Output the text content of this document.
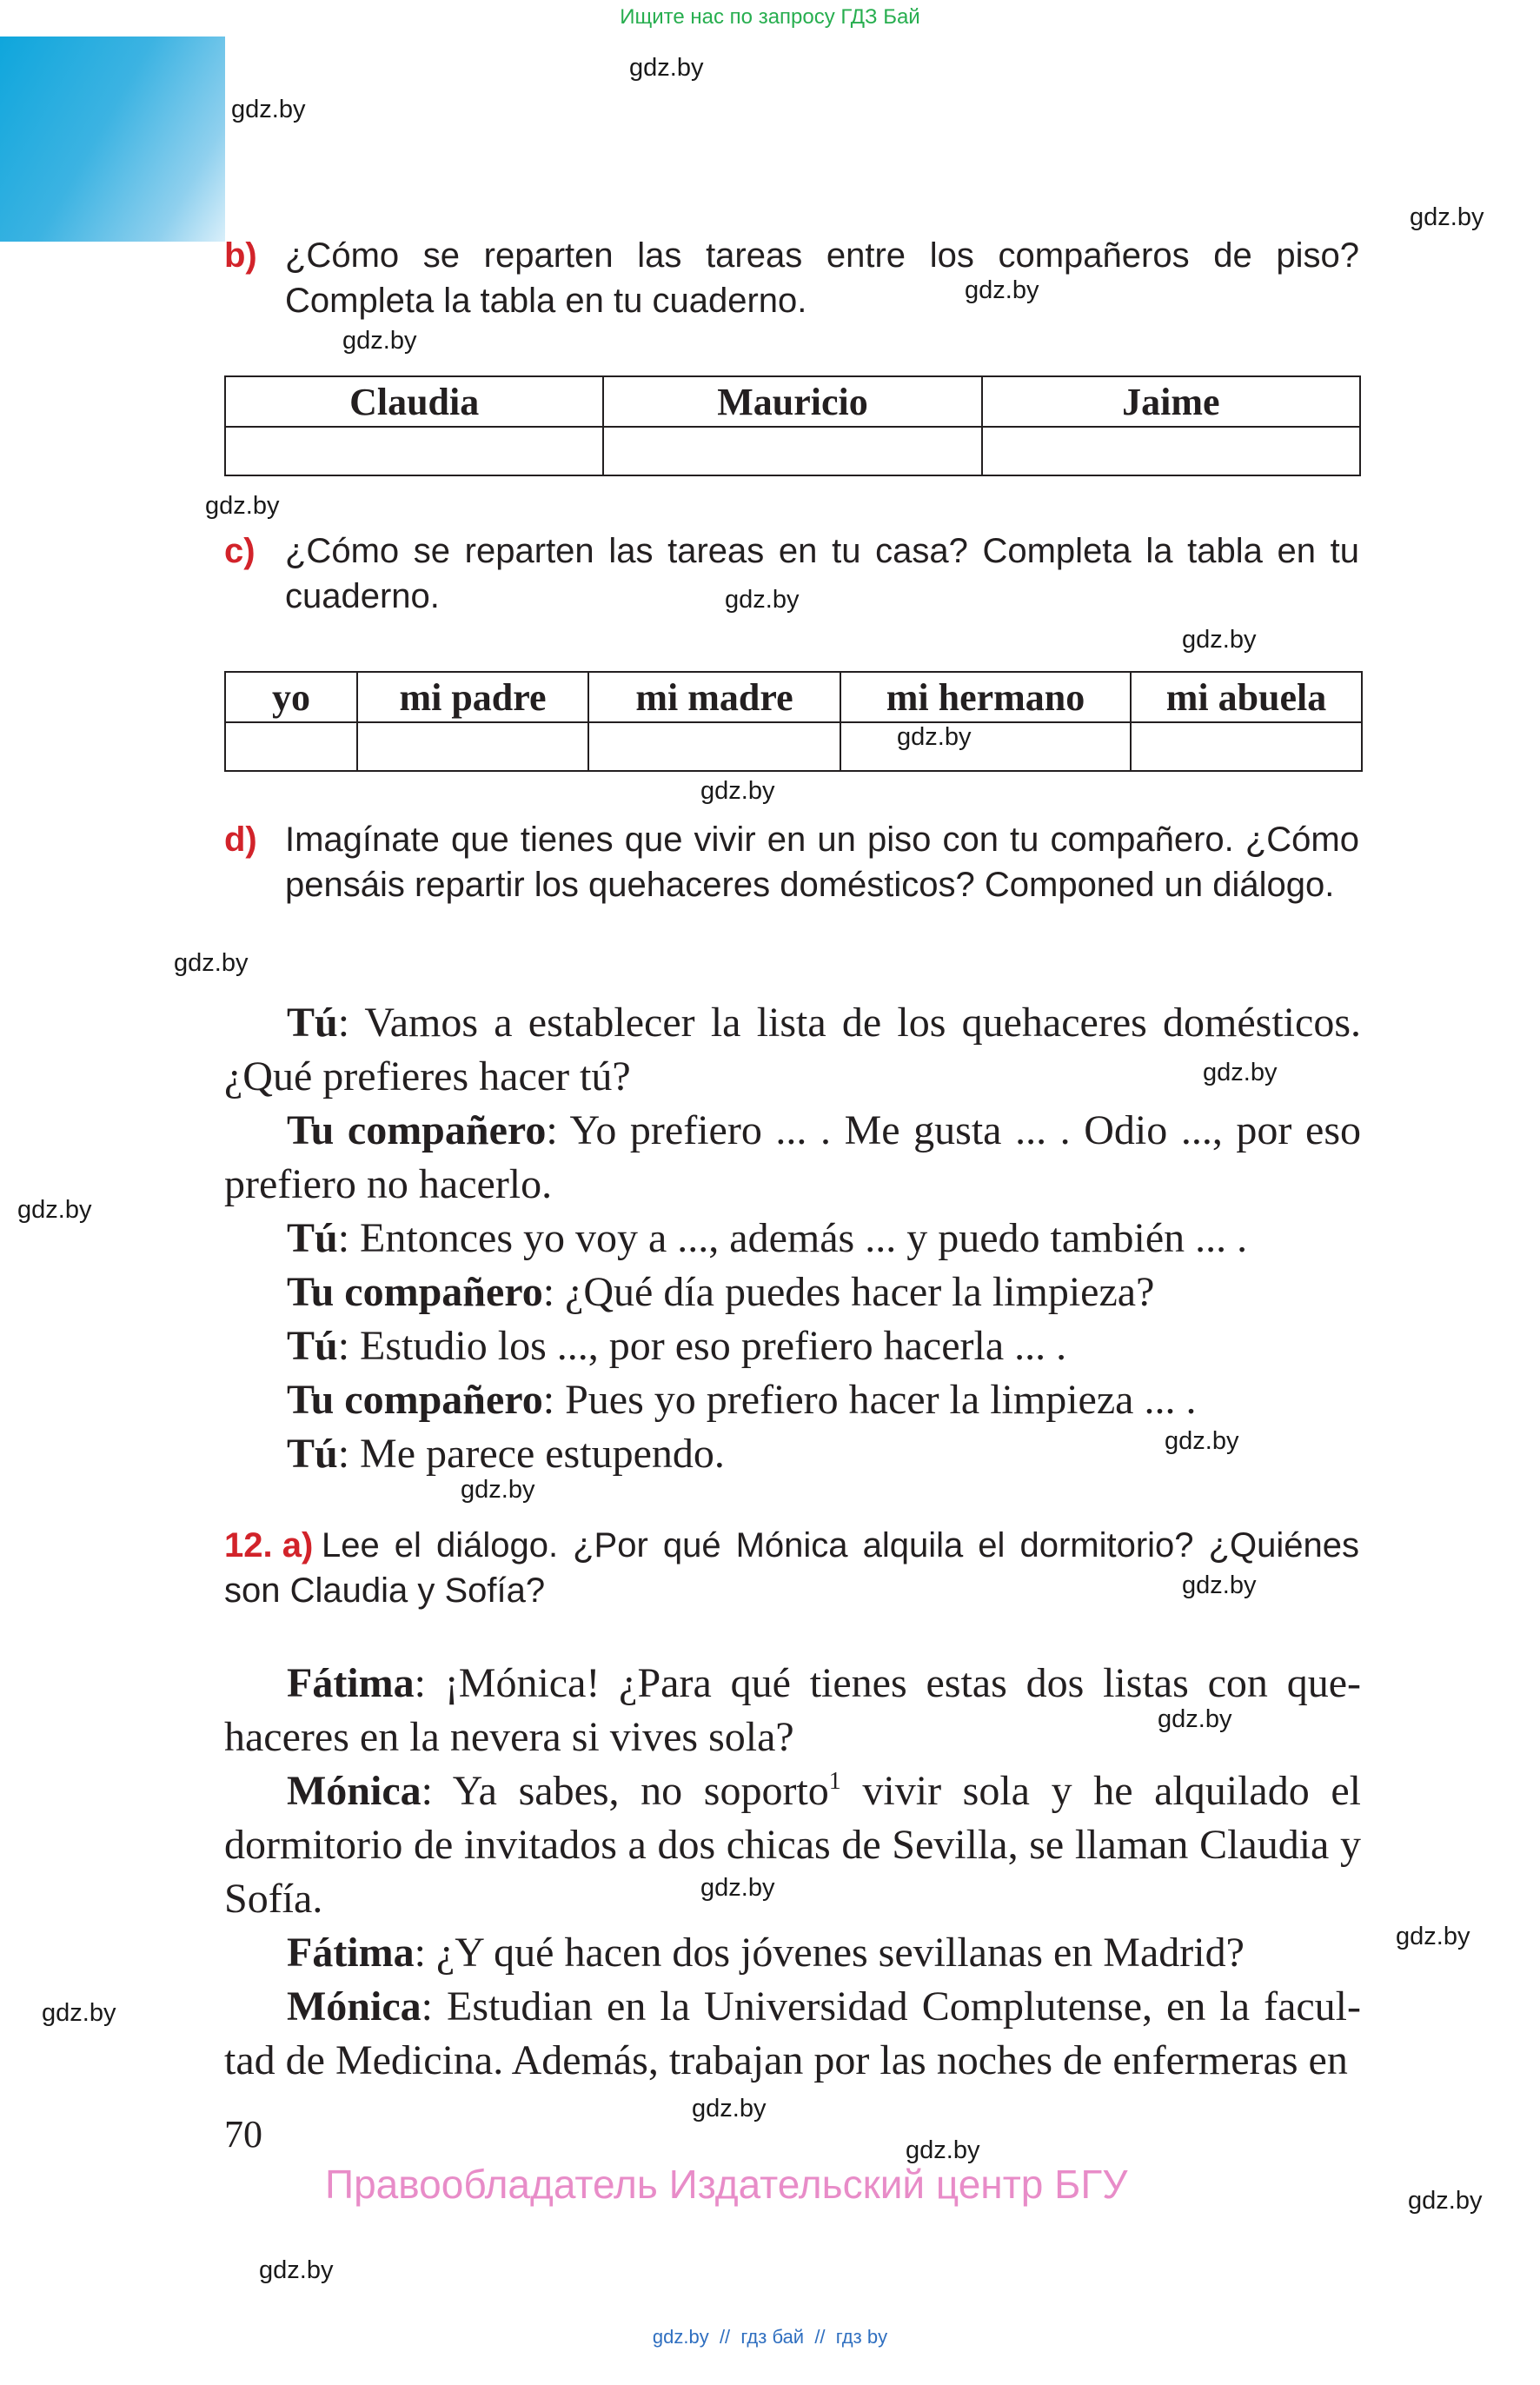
Ищите нас по запросу ГДЗ Бай
gdz.by
gdz.by
gdz.by
gdz.by
gdz.by
gdz.by
gdz.by
gdz.by
gdz.by
gdz.by
gdz.by
gdz.by
gdz.by
gdz.by
gdz.by
gdz.by
gdz.by
gdz.by
gdz.by
gdz.by
gdz.by
gdz.by
gdz.by
gdz.by
b) ¿Cómo se reparten las tareas entre los compañeros de piso? Completa la tabla en tu cuaderno.
Claudia	Mauricio	Jaime

c) ¿Cómo se reparten las tareas en tu casa? Completa la tabla en tu cuaderno.
yo	mi padre	mi madre	mi hermano	mi abuela

d) Imagínate que tienes que vivir en un piso con tu compañero. ¿Cómo pensáis repartir los quehaceres domésticos? Componed un diálogo.

Tú: Vamos a establecer la lista de los quehaceres domésticos. ¿Qué prefieres hacer tú?

Tu compañero: Yo prefiero ... . Me gusta ... . Odio ..., por eso prefiero no hacerlo.

Tú: Entonces yo voy a ..., además ... y puedo también ... .

Tu compañero: ¿Qué día puedes hacer la limpieza?

Tú: Estudio los ..., por eso prefiero hacerla ... .

Tu compañero: Pues yo prefiero hacer la limpieza ... .

Tú: Me parece estupendo.

12. a) Lee el diálogo. ¿Por qué Mónica alquila el dormitorio? ¿Quiénes son Claudia y Sofía?

Fátima: ¡Mónica! ¿Para qué tienes estas dos listas con quehaceres en la nevera si vives sola?

Mónica: Ya sabes, no soporto$^1$ vivir sola y he alquilado el dormitorio de invitados a dos chicas de Sevilla, se llaman Claudia y Sofía.

Fátima: ¿Y qué hacen dos jóvenes sevillanas en Madrid?

Mónica: Estudian en la Universidad Complutense, en la facultad de Medicina. Además, trabajan por las noches de enfermeras en

70
Правообладатель Издательский центр БГУ
gdz.by  //  гдз бай  //  гдз by
